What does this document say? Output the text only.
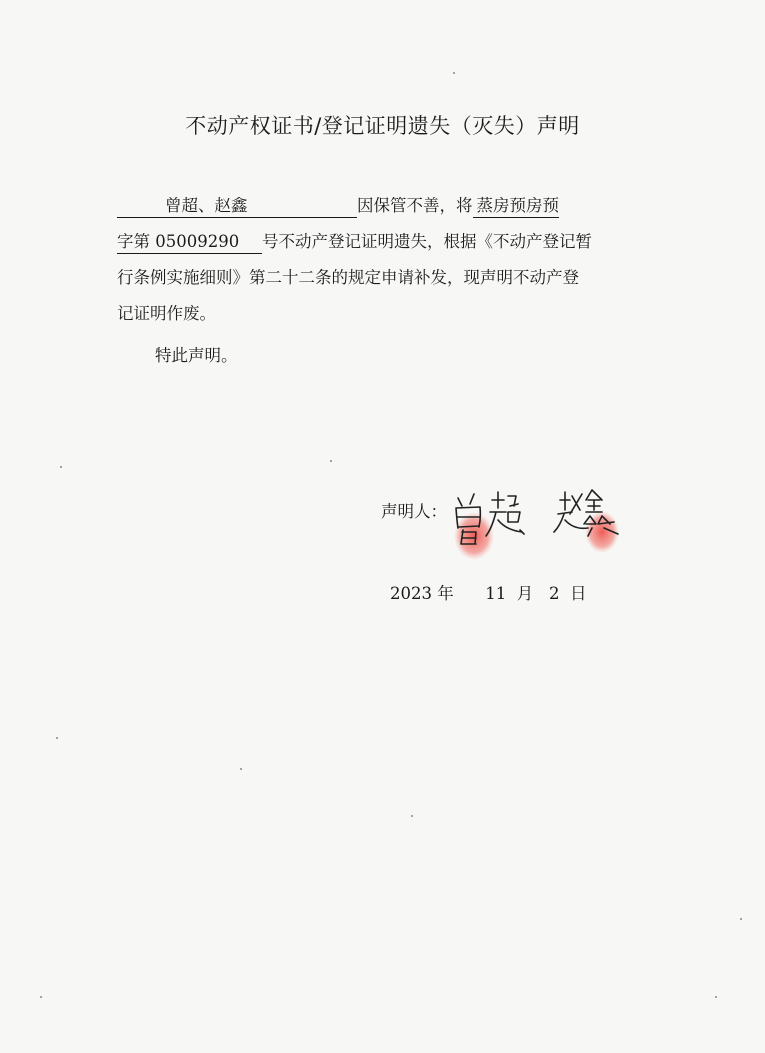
不动产权证书/登记证明遗失（灭失）声明
曾超、赵鑫	因保管不善，将 蒸房预房预
字第 05009290 号不动产登记证明遗失，根据《不动产登记暂
行条例实施细则》第二十二条的规定申请补发，现声明不动产登
记证明作废。
特此声明。
声明人：
2023 年 11 月 2 日
